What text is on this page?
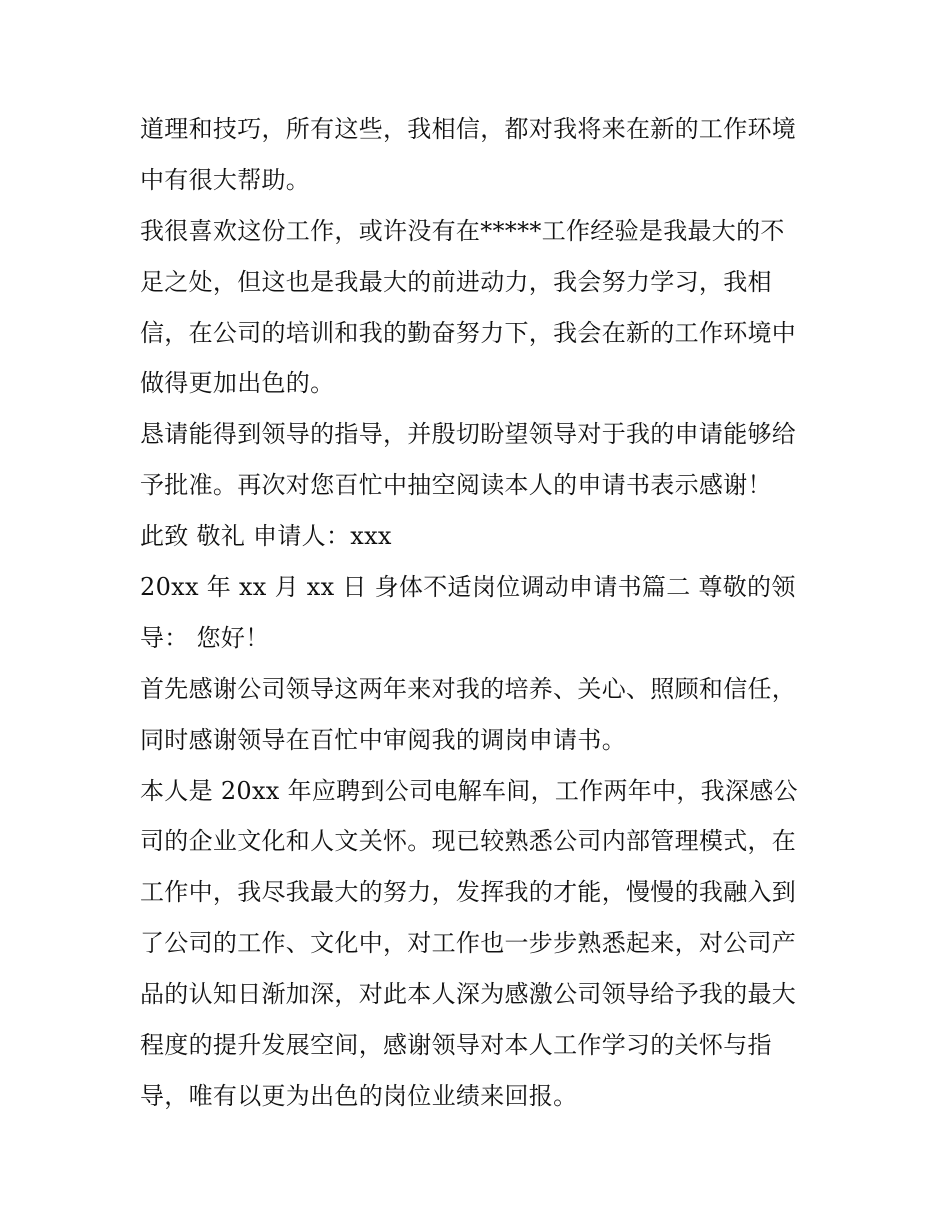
道理和技巧，所有这些，我相信，都对我将来在新的工作环境
中有很大帮助。
我很喜欢这份工作，或许没有在*****工作经验是我最大的不
足之处，但这也是我最大的前进动力，我会努力学习，我相
信，在公司的培训和我的勤奋努力下，我会在新的工作环境中
做得更加出色的。
恳请能得到领导的指导，并殷切盼望领导对于我的申请能够给
予批准。再次对您百忙中抽空阅读本人的申请书表示感谢！
此致 敬礼 申请人：xxx
20xx 年 xx 月 xx 日 身体不适岗位调动申请书篇二 尊敬的领
导： 您好！
首先感谢公司领导这两年来对我的培养、关心、照顾和信任，
同时感谢领导在百忙中审阅我的调岗申请书。
本人是 20xx 年应聘到公司电解车间，工作两年中，我深感公
司的企业文化和人文关怀。现已较熟悉公司内部管理模式，在
工作中，我尽我最大的努力，发挥我的才能，慢慢的我融入到
了公司的工作、文化中，对工作也一步步熟悉起来，对公司产
品的认知日渐加深，对此本人深为感激公司领导给予我的最大
程度的提升发展空间，感谢领导对本人工作学习的关怀与指
导，唯有以更为出色的岗位业绩来回报。
